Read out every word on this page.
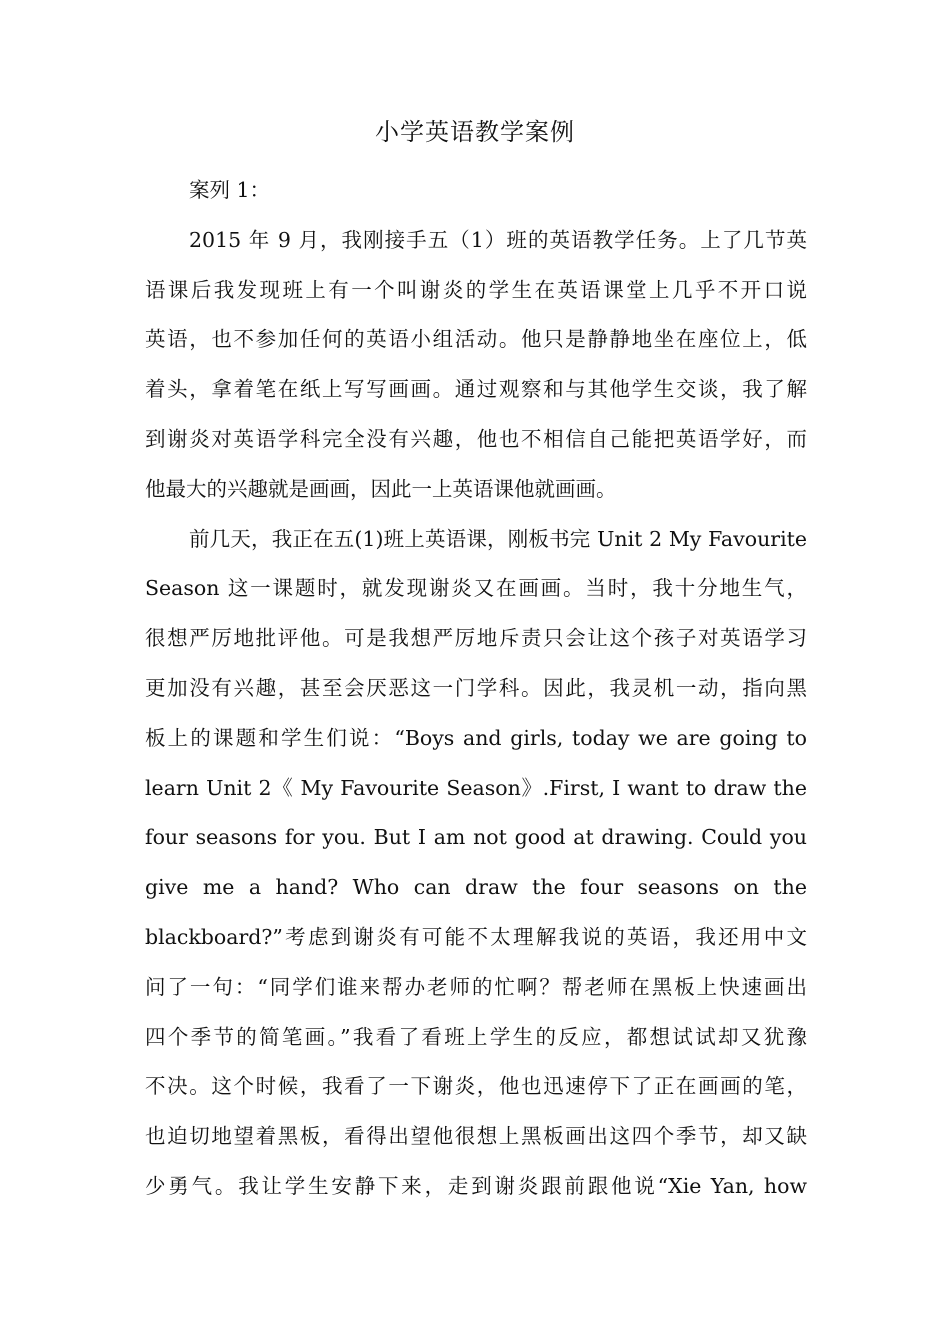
小学英语教学案例
案列 1：
2015 年 9 月，我刚接手五（1）班的英语教学任务。上了几节英
语课后我发现班上有一个叫谢炎的学生在英语课堂上几乎不开口说
英语，也不参加任何的英语小组活动。他只是静静地坐在座位上，低
着头，拿着笔在纸上写写画画。通过观察和与其他学生交谈，我了解
到谢炎对英语学科完全没有兴趣，他也不相信自己能把英语学好，而
他最大的兴趣就是画画，因此一上英语课他就画画。
前几天，我正在五(1)班上英语课，刚板书完 Unit 2 My Favourite
Season 这一课题时，就发现谢炎又在画画。当时，我十分地生气，
很想严厉地批评他。可是我想严厉地斥责只会让这个孩子对英语学习
更加没有兴趣，甚至会厌恶这一门学科。因此，我灵机一动，指向黑
板上的课题和学生们说：“Boys and girls, today we are going to
learn Unit 2《 My Favourite Season》.First, I want to draw the
four seasons for you. But I am not good at drawing. Could you
give me a hand? Who can draw the four seasons on the
blackboard?”考虑到谢炎有可能不太理解我说的英语，我还用中文
问了一句：“同学们谁来帮办老师的忙啊？帮老师在黑板上快速画出
四个季节的简笔画。”我看了看班上学生的反应，都想试试却又犹豫
不决。这个时候，我看了一下谢炎，他也迅速停下了正在画画的笔，
也迫切地望着黑板，看得出望他很想上黑板画出这四个季节，却又缺
少勇气。我让学生安静下来，走到谢炎跟前跟他说“Xie Yan, how
